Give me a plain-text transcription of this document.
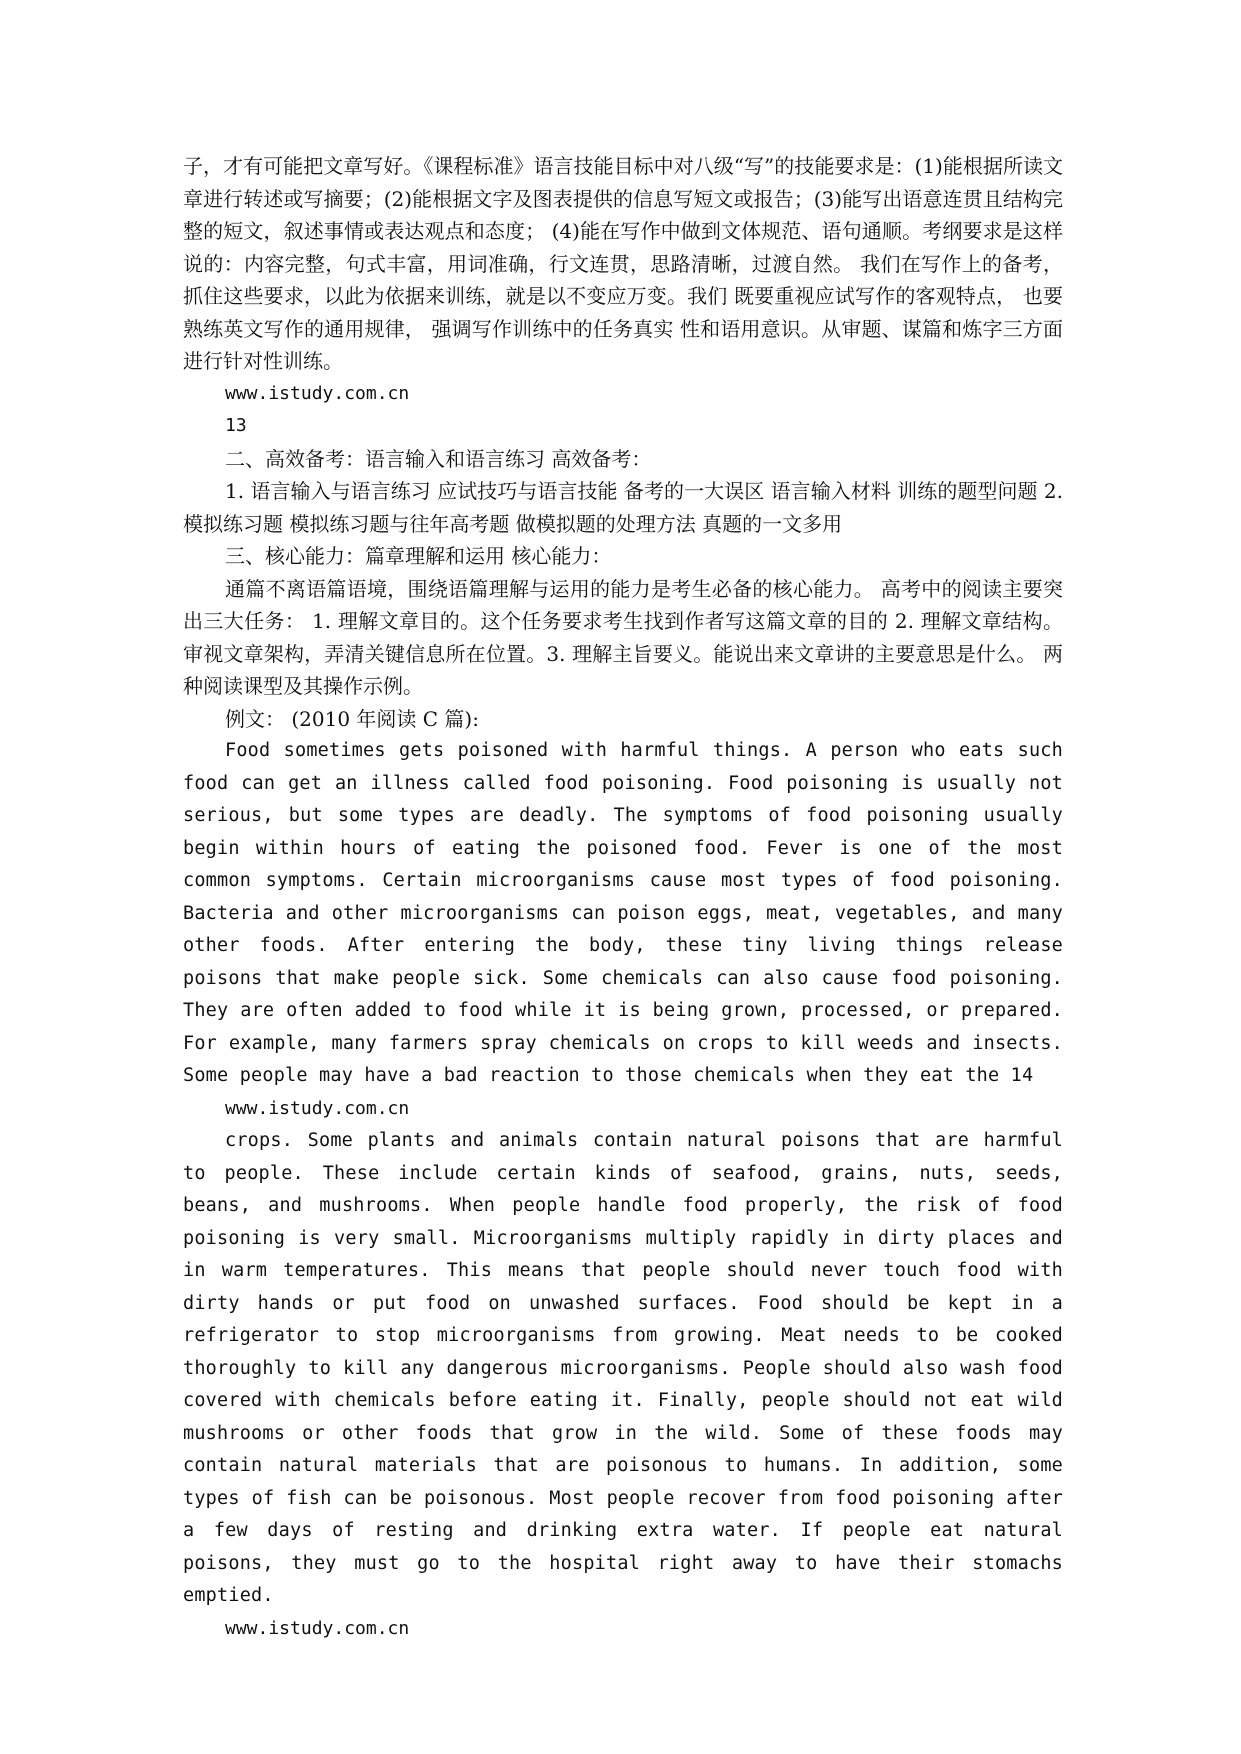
子，才有可能把文章写好。《课程标准》语言技能目标中对八级“写”的技能要求是：(1)能根据所读文章进行转述或写摘要；(2)能根据文字及图表提供的信息写短文或报告；(3)能写出语意连贯且结构完整的短文，叙述事情或表达观点和态度； (4)能在写作中做到文体规范、语句通顺。考纲要求是这样说的：内容完整，句式丰富，用词准确，行文连贯，思路清晰，过渡自然。 我们在写作上的备考，抓住这些要求，以此为依据来训练，就是以不变应万变。我们 既要重视应试写作的客观特点， 也要熟练英文写作的通用规律， 强调写作训练中的任务真实 性和语用意识。从审题、谋篇和炼字三方面进行针对性训练。

www.istudy.com.cn

13

二、高效备考：语言输入和语言练习 高效备考：

1. 语言输入与语言练习 应试技巧与语言技能 备考的一大误区 语言输入材料 训练的题型问题 2. 模拟练习题 模拟练习题与往年高考题 做模拟题的处理方法 真题的一文多用

三、核心能力：篇章理解和运用 核心能力：

通篇不离语篇语境，围绕语篇理解与运用的能力是考生必备的核心能力。 高考中的阅读主要突出三大任务： 1. 理解文章目的。这个任务要求考生找到作者写这篇文章的目的 2. 理解文章结构。审视文章架构，弄清关键信息所在位置。3. 理解主旨要义。能说出来文章讲的主要意思是什么。 两种阅读课型及其操作示例。

例文： (2010 年阅读 C 篇):

Food sometimes gets poisoned with harmful things. A person who eats such food can get an illness called food poisoning. Food poisoning is usually not serious, but some types are deadly. The symptoms of food poisoning usually begin within hours of eating the poisoned food. Fever is one of the most common symptoms. Certain microorganisms cause most types of food poisoning. Bacteria and other microorganisms can poison eggs, meat, vegetables, and many other foods. After entering the body, these tiny living things release poisons that make people sick. Some chemicals can also cause food poisoning. They are often added to food while it is being grown, processed, or prepared. For example, many farmers spray chemicals on crops to kill weeds and insects. Some people may have a bad reaction to those chemicals when they eat the 14

www.istudy.com.cn

crops. Some plants and animals contain natural poisons that are harmful to people. These include certain kinds of seafood, grains, nuts, seeds, beans, and mushrooms. When people handle food properly, the risk of food poisoning is very small. Microorganisms multiply rapidly in dirty places and in warm temperatures. This means that people should never touch food with dirty hands or put food on unwashed surfaces. Food should be kept in a refrigerator to stop microorganisms from growing. Meat needs to be cooked thoroughly to kill any dangerous microorganisms. People should also wash food covered with chemicals before eating it. Finally, people should not eat wild mushrooms or other foods that grow in the wild. Some of these foods may contain natural materials that are poisonous to humans. In addition, some types of fish can be poisonous. Most people recover from food poisoning after a few days of resting and drinking extra water. If people eat natural poisons, they must go to the hospital right away to have their stomachs emptied.

www.istudy.com.cn
